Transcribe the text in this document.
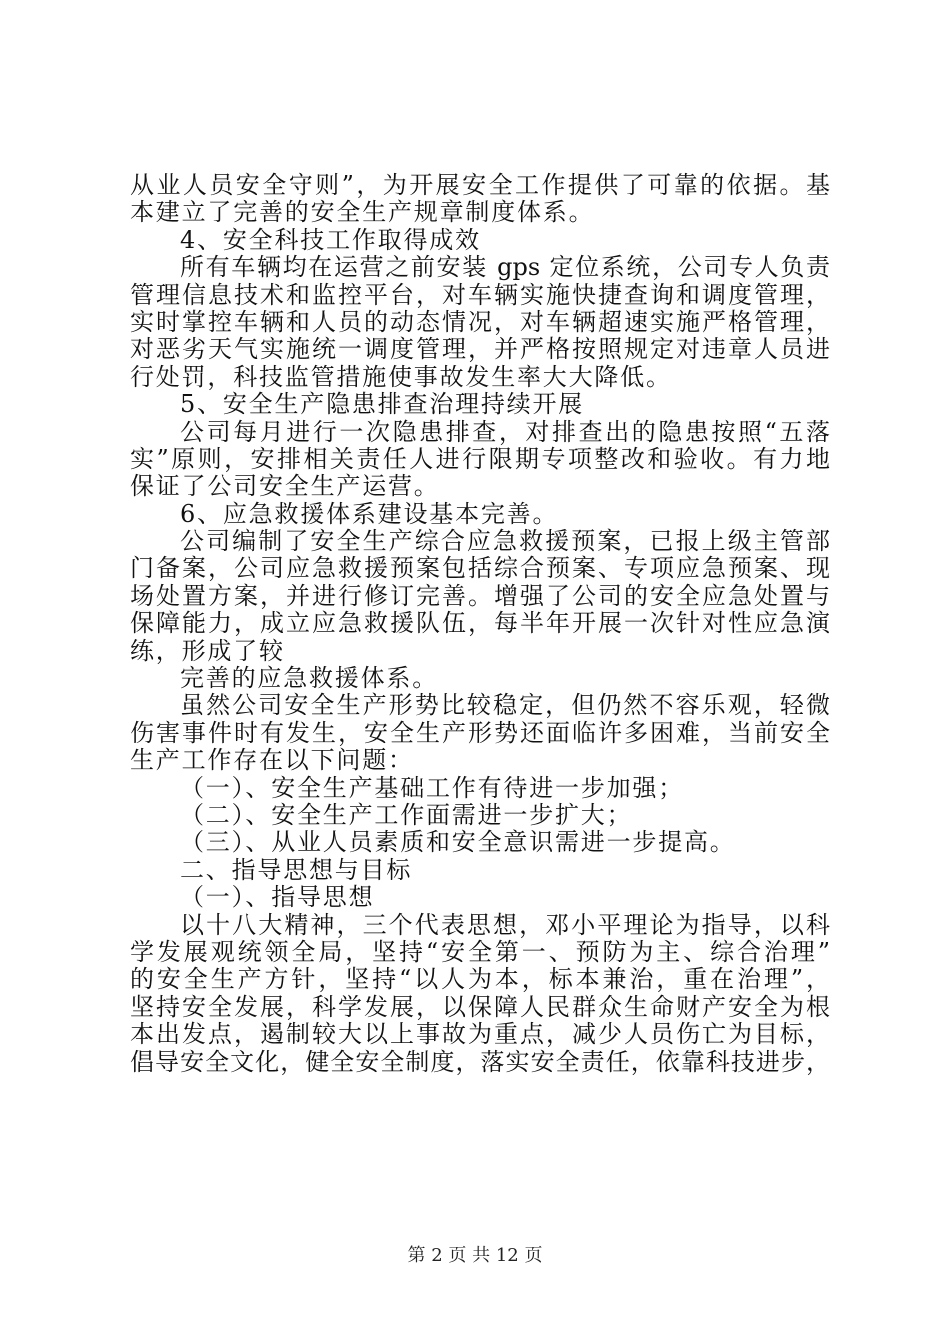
从业人员安全守则”，为开展安全工作提供了可靠的依据。基
本建立了完善的安全生产规章制度体系。
4、安全科技工作取得成效
所有车辆均在运营之前安装 gps 定位系统，公司专人负责
管理信息技术和监控平台，对车辆实施快捷查询和调度管理，
实时掌控车辆和人员的动态情况，对车辆超速实施严格管理，
对恶劣天气实施统一调度管理，并严格按照规定对违章人员进
行处罚，科技监管措施使事故发生率大大降低。
5、安全生产隐患排查治理持续开展
公司每月进行一次隐患排查，对排查出的隐患按照“五落
实”原则，安排相关责任人进行限期专项整改和验收。有力地
保证了公司安全生产运营。
6、应急救援体系建设基本完善。
公司编制了安全生产综合应急救援预案，已报上级主管部
门备案，公司应急救援预案包括综合预案、专项应急预案、现
场处置方案，并进行修订完善。增强了公司的安全应急处置与
保障能力，成立应急救援队伍，每半年开展一次针对性应急演
练，形成了较
完善的应急救援体系。
虽然公司安全生产形势比较稳定，但仍然不容乐观，轻微
伤害事件时有发生，安全生产形势还面临许多困难，当前安全
生产工作存在以下问题：
（一）、安全生产基础工作有待进一步加强；
（二）、安全生产工作面需进一步扩大；
（三）、从业人员素质和安全意识需进一步提高。
二、指导思想与目标
（一）、指导思想
以十八大精神，三个代表思想，邓小平理论为指导，以科
学发展观统领全局，坚持“安全第一、预防为主、综合治理”
的安全生产方针，坚持“以人为本，标本兼治，重在治理”，
坚持安全发展，科学发展，以保障人民群众生命财产安全为根
本出发点，遏制较大以上事故为重点，减少人员伤亡为目标，
倡导安全文化，健全安全制度，落实安全责任，依靠科技进步，
第 2 页 共 12 页
